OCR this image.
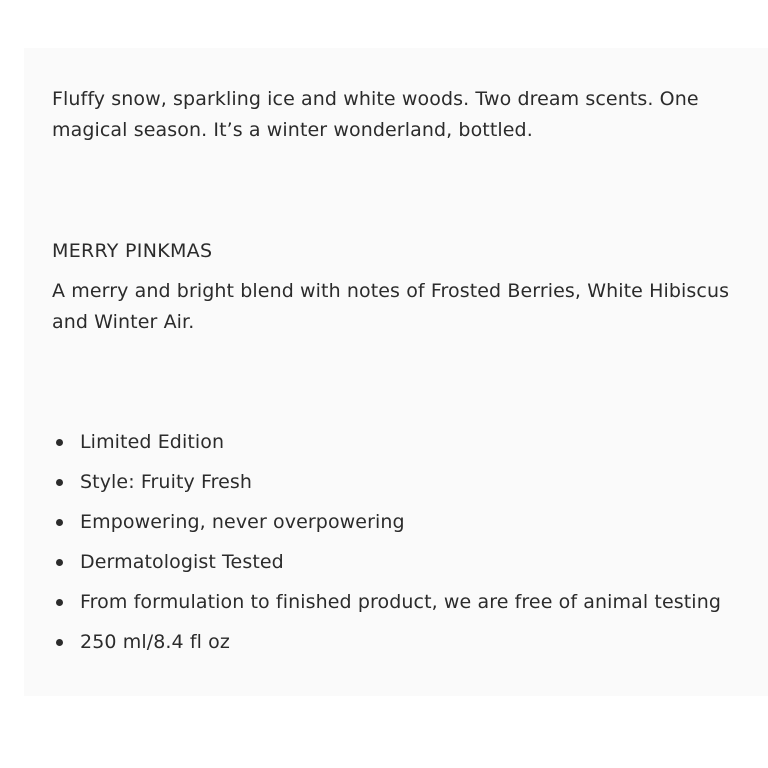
Fluffy snow, sparkling ice and white woods. Two dream scents. One magical season. It’s a winter wonderland, bottled.

MERRY PINKMAS

A merry and bright blend with notes of Frosted Berries, White Hibiscus and Winter Air.

Limited Edition
Style: Fruity Fresh
Empowering, never overpowering
Dermatologist Tested
From formulation to finished product, we are free of animal testing
250 ml/8.4 fl oz
